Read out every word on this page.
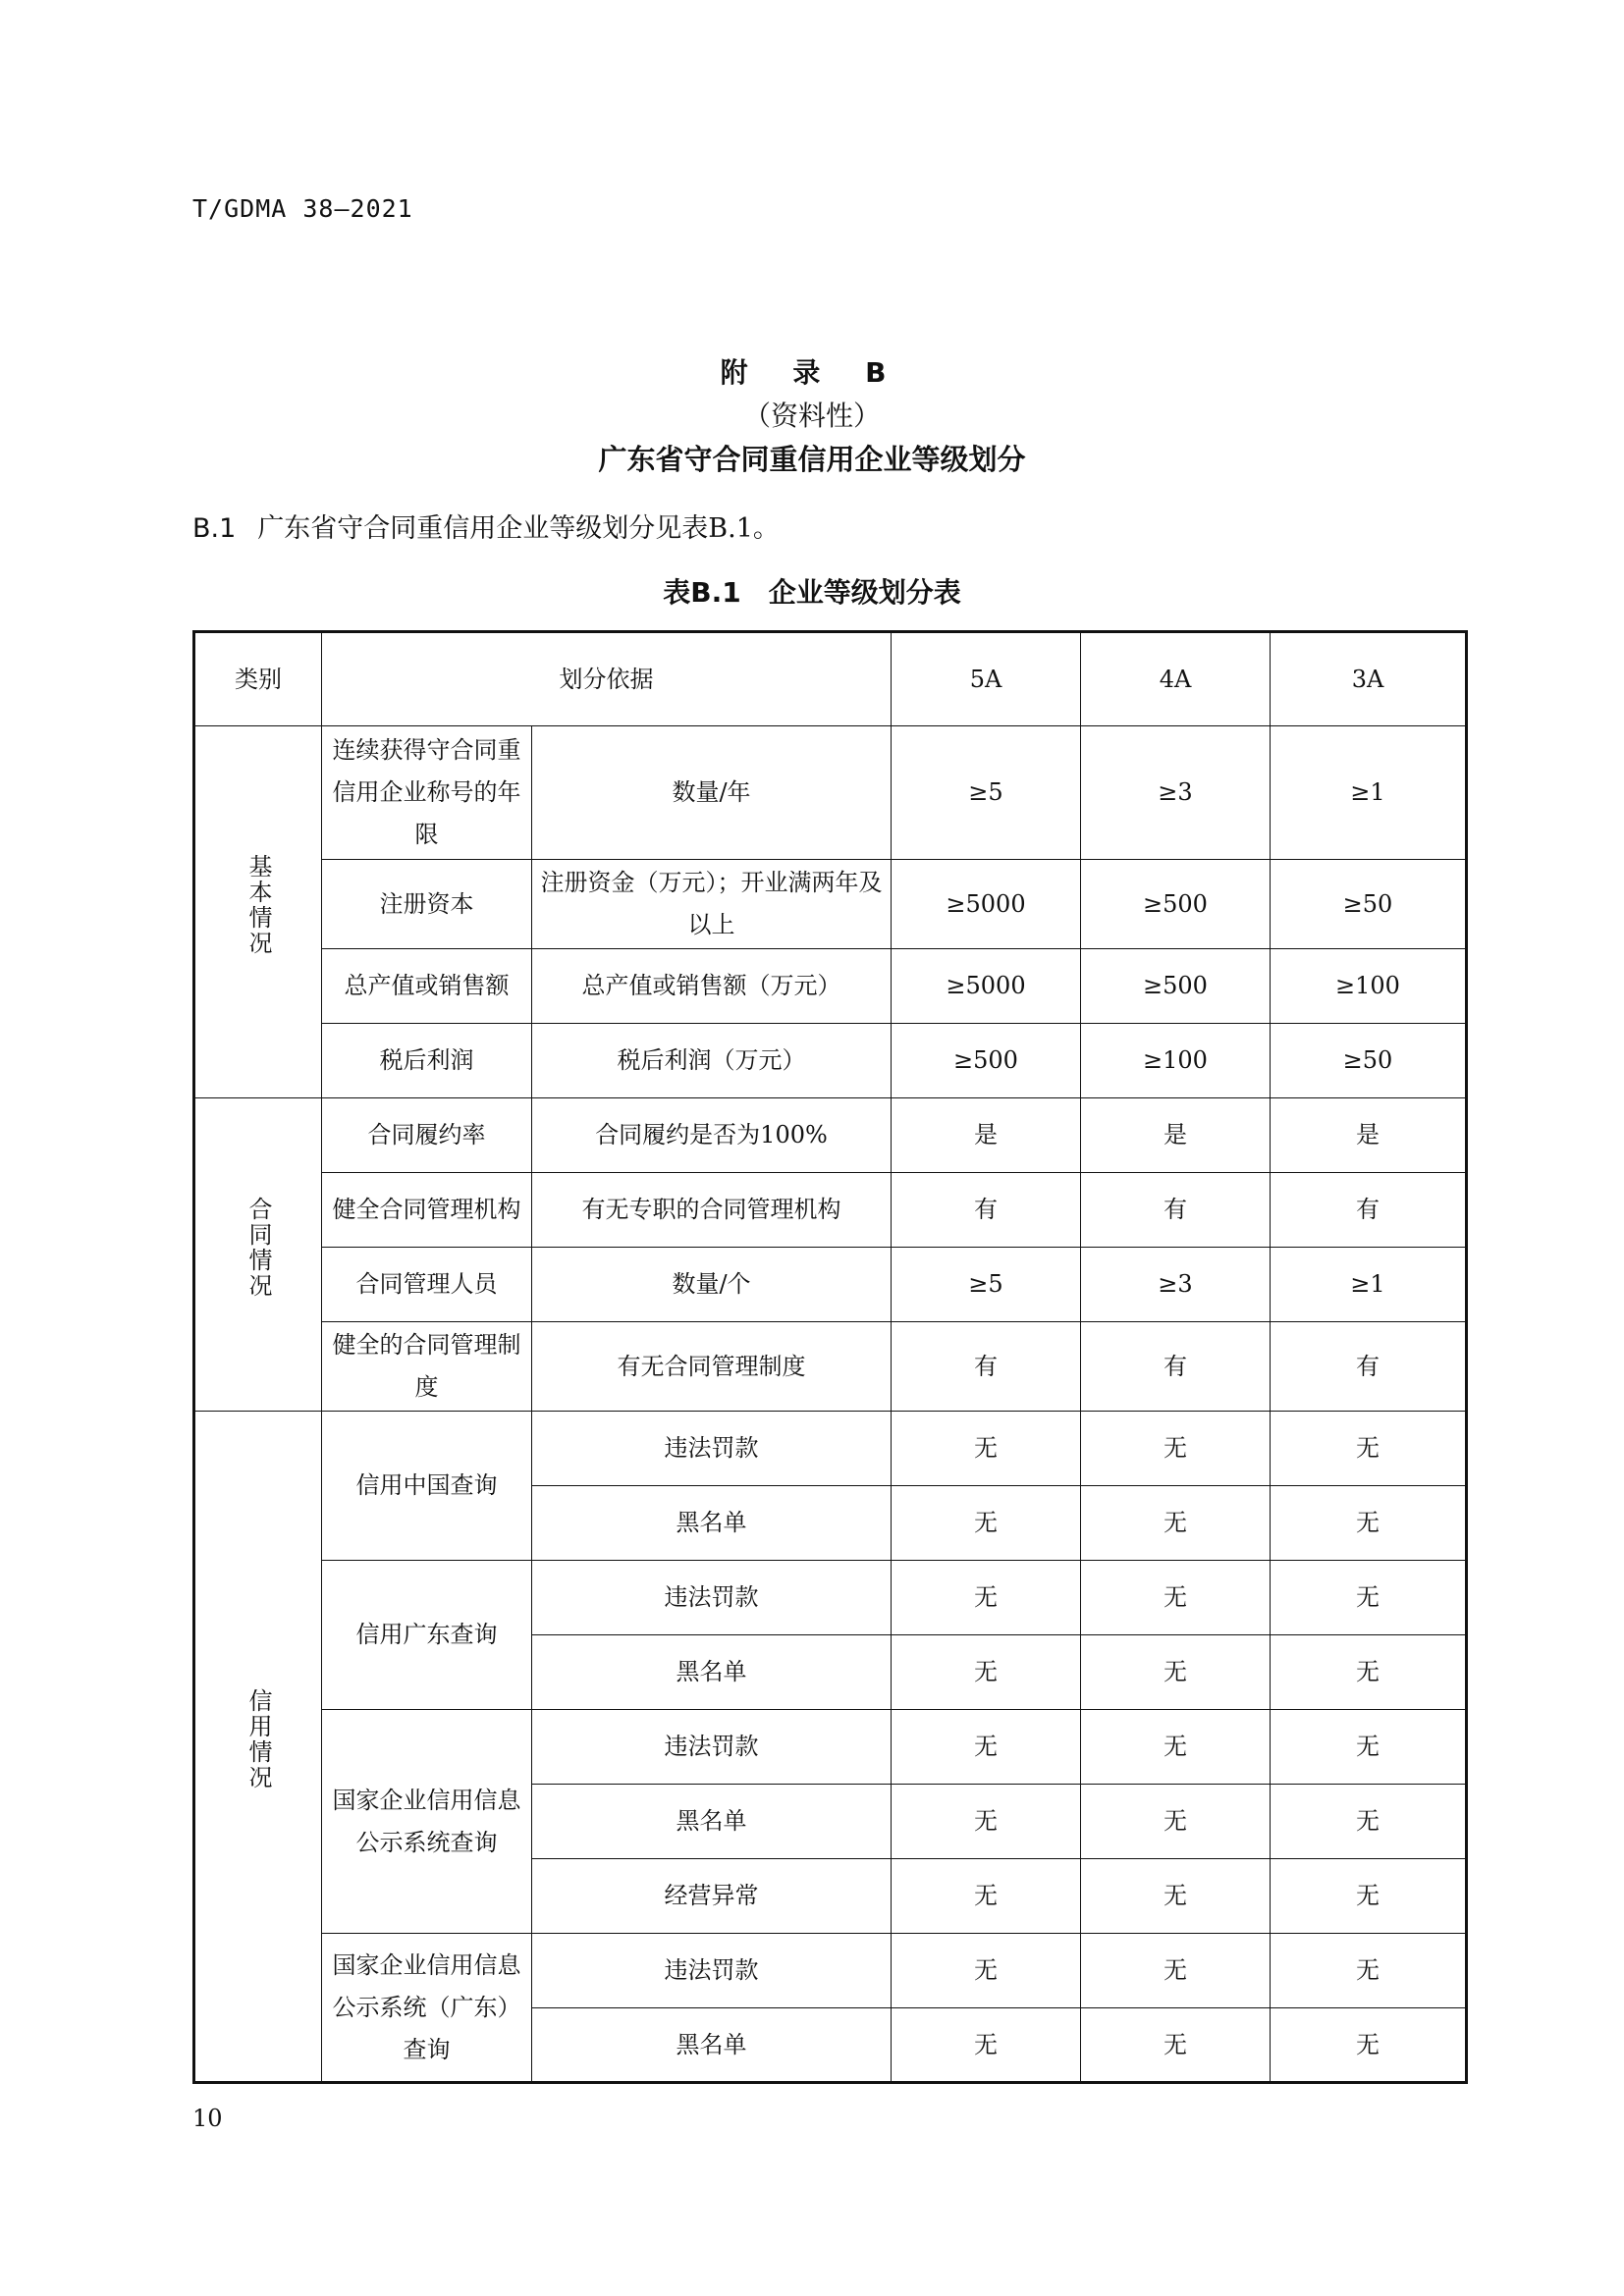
T/GDMA 38—2021
附 录 B
（资料性）
广东省守合同重信用企业等级划分
B.1 广东省守合同重信用企业等级划分见表B.1。
表B.1 企业等级划分表
类别	划分依据		5A	4A	3A
基本情况	连续获得守合同重信用企业称号的年限	数量/年	≥5	≥3	≥1
	注册资本	注册资金（万元）；开业满两年及以上	≥5000	≥500	≥50
	总产值或销售额	总产值或销售额（万元）	≥5000	≥500	≥100
	税后利润	税后利润（万元）	≥500	≥100	≥50
合同情况	合同履约率	合同履约是否为100%	是	是	是
	健全合同管理机构	有无专职的合同管理机构	有	有	有
	合同管理人员	数量/个	≥5	≥3	≥1
	健全的合同管理制度	有无合同管理制度	有	有	有
信用情况	信用中国查询	违法罚款	无	无	无
		黑名单	无	无	无
	信用广东查询	违法罚款	无	无	无
		黑名单	无	无	无
	国家企业信用信息公示系统查询	违法罚款	无	无	无
		黑名单	无	无	无
		经营异常	无	无	无
	国家企业信用信息公示系统（广东）查询	违法罚款	无	无	无
		黑名单	无	无	无
10
